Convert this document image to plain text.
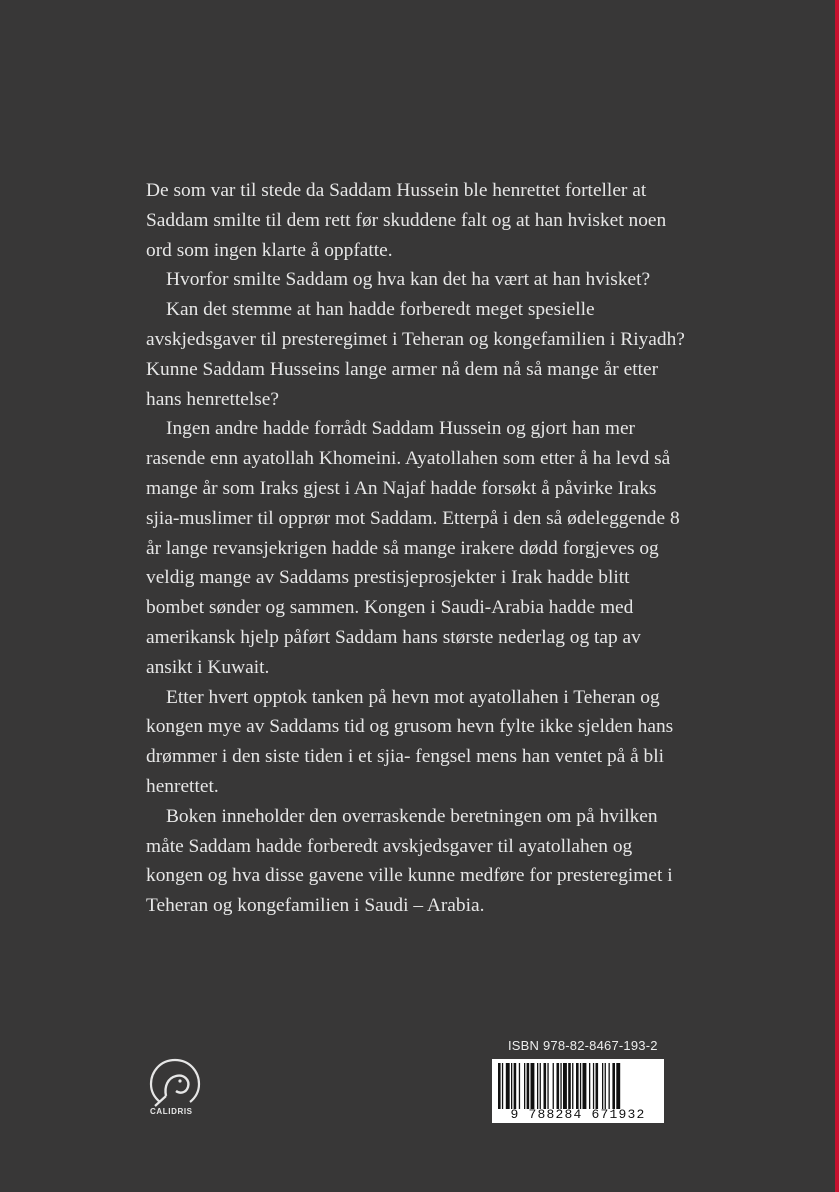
De som var til stede da Saddam Hussein ble henrettet forteller at Saddam smilte til dem rett før skuddene falt og at han hvisket noen ord som ingen klarte å oppfatte.

Hvorfor smilte Saddam og hva kan det ha vært at han hvisket?

Kan det stemme at han hadde forberedt meget spesielle avskjedsgaver til presteregimet i Teheran og kongefamilien i Riyadh? Kunne Saddam Husseins lange armer nå dem nå så mange år etter hans henrettelse?

Ingen andre hadde forrådt Saddam Hussein og gjort han mer rasende enn ayatollah Khomeini. Ayatollahen som etter å ha levd så mange år som Iraks gjest i An Najaf hadde forsøkt å påvirke Iraks sjia-muslimer til opprør mot Saddam. Etterpå i den så ødeleggende 8 år lange revansjekrigen hadde så mange irakere dødd forgjeves og veldig mange av Saddams prestisjeprosjekter i Irak hadde blitt bombet sønder og sammen. Kongen i Saudi-Arabia hadde med amerikansk hjelp påført Saddam hans største nederlag og tap av ansikt i Kuwait.

Etter hvert opptok tanken på hevn mot ayatollahen i Teheran og kongen mye av Saddams tid og grusom hevn fylte ikke sjelden hans drømmer i den siste tiden i et sjia- fengsel mens han ventet på å bli henrettet.

Boken inneholder den overraskende beretningen om på hvilken måte Saddam hadde forberedt avskjedsgaver til ayatollahen og kongen og hva disse gavene ville kunne medføre for presteregimet i Teheran og kongefamilien i Saudi – Arabia.

CALIDRIS
ISBN 978-82-8467-193-2
9 788284 671932
